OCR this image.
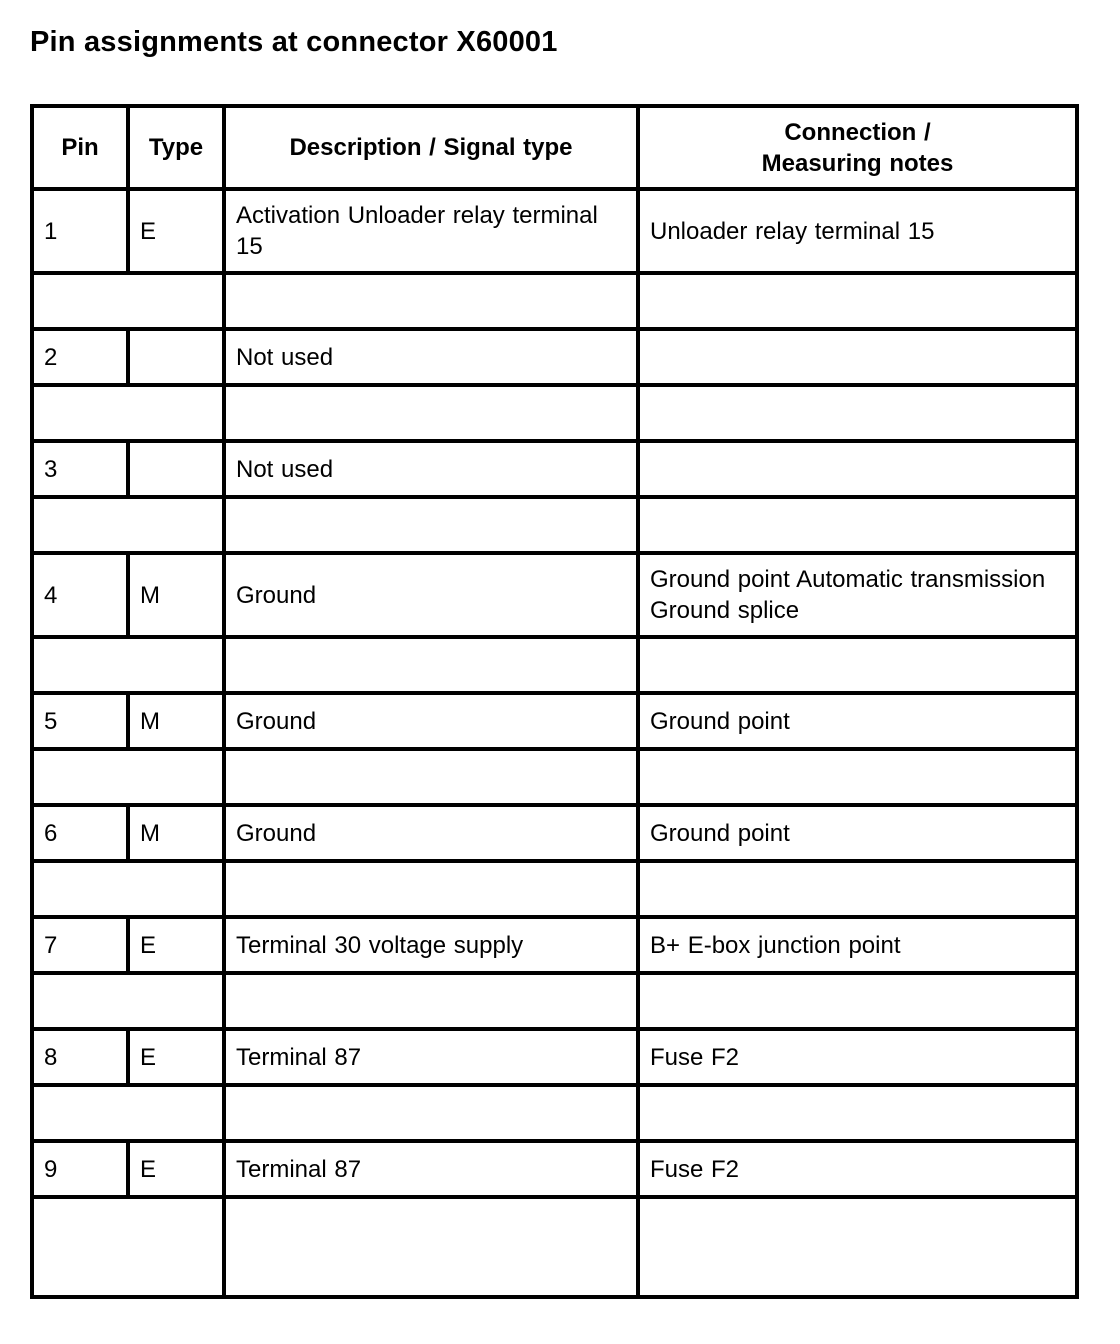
Pin assignments at connector X60001
Pin	Type	Description / Signal type	Connection / Measuring notes
1	E	Activation Unloader relay terminal 15	Unloader relay terminal 15

2		Not used	

3		Not used	

4	M	Ground	Ground point Automatic transmission Ground splice

5	M	Ground	Ground point

6	M	Ground	Ground point

7	E	Terminal 30 voltage supply	B+ E-box junction point

8	E	Terminal 87	Fuse F2

9	E	Terminal 87	Fuse F2
